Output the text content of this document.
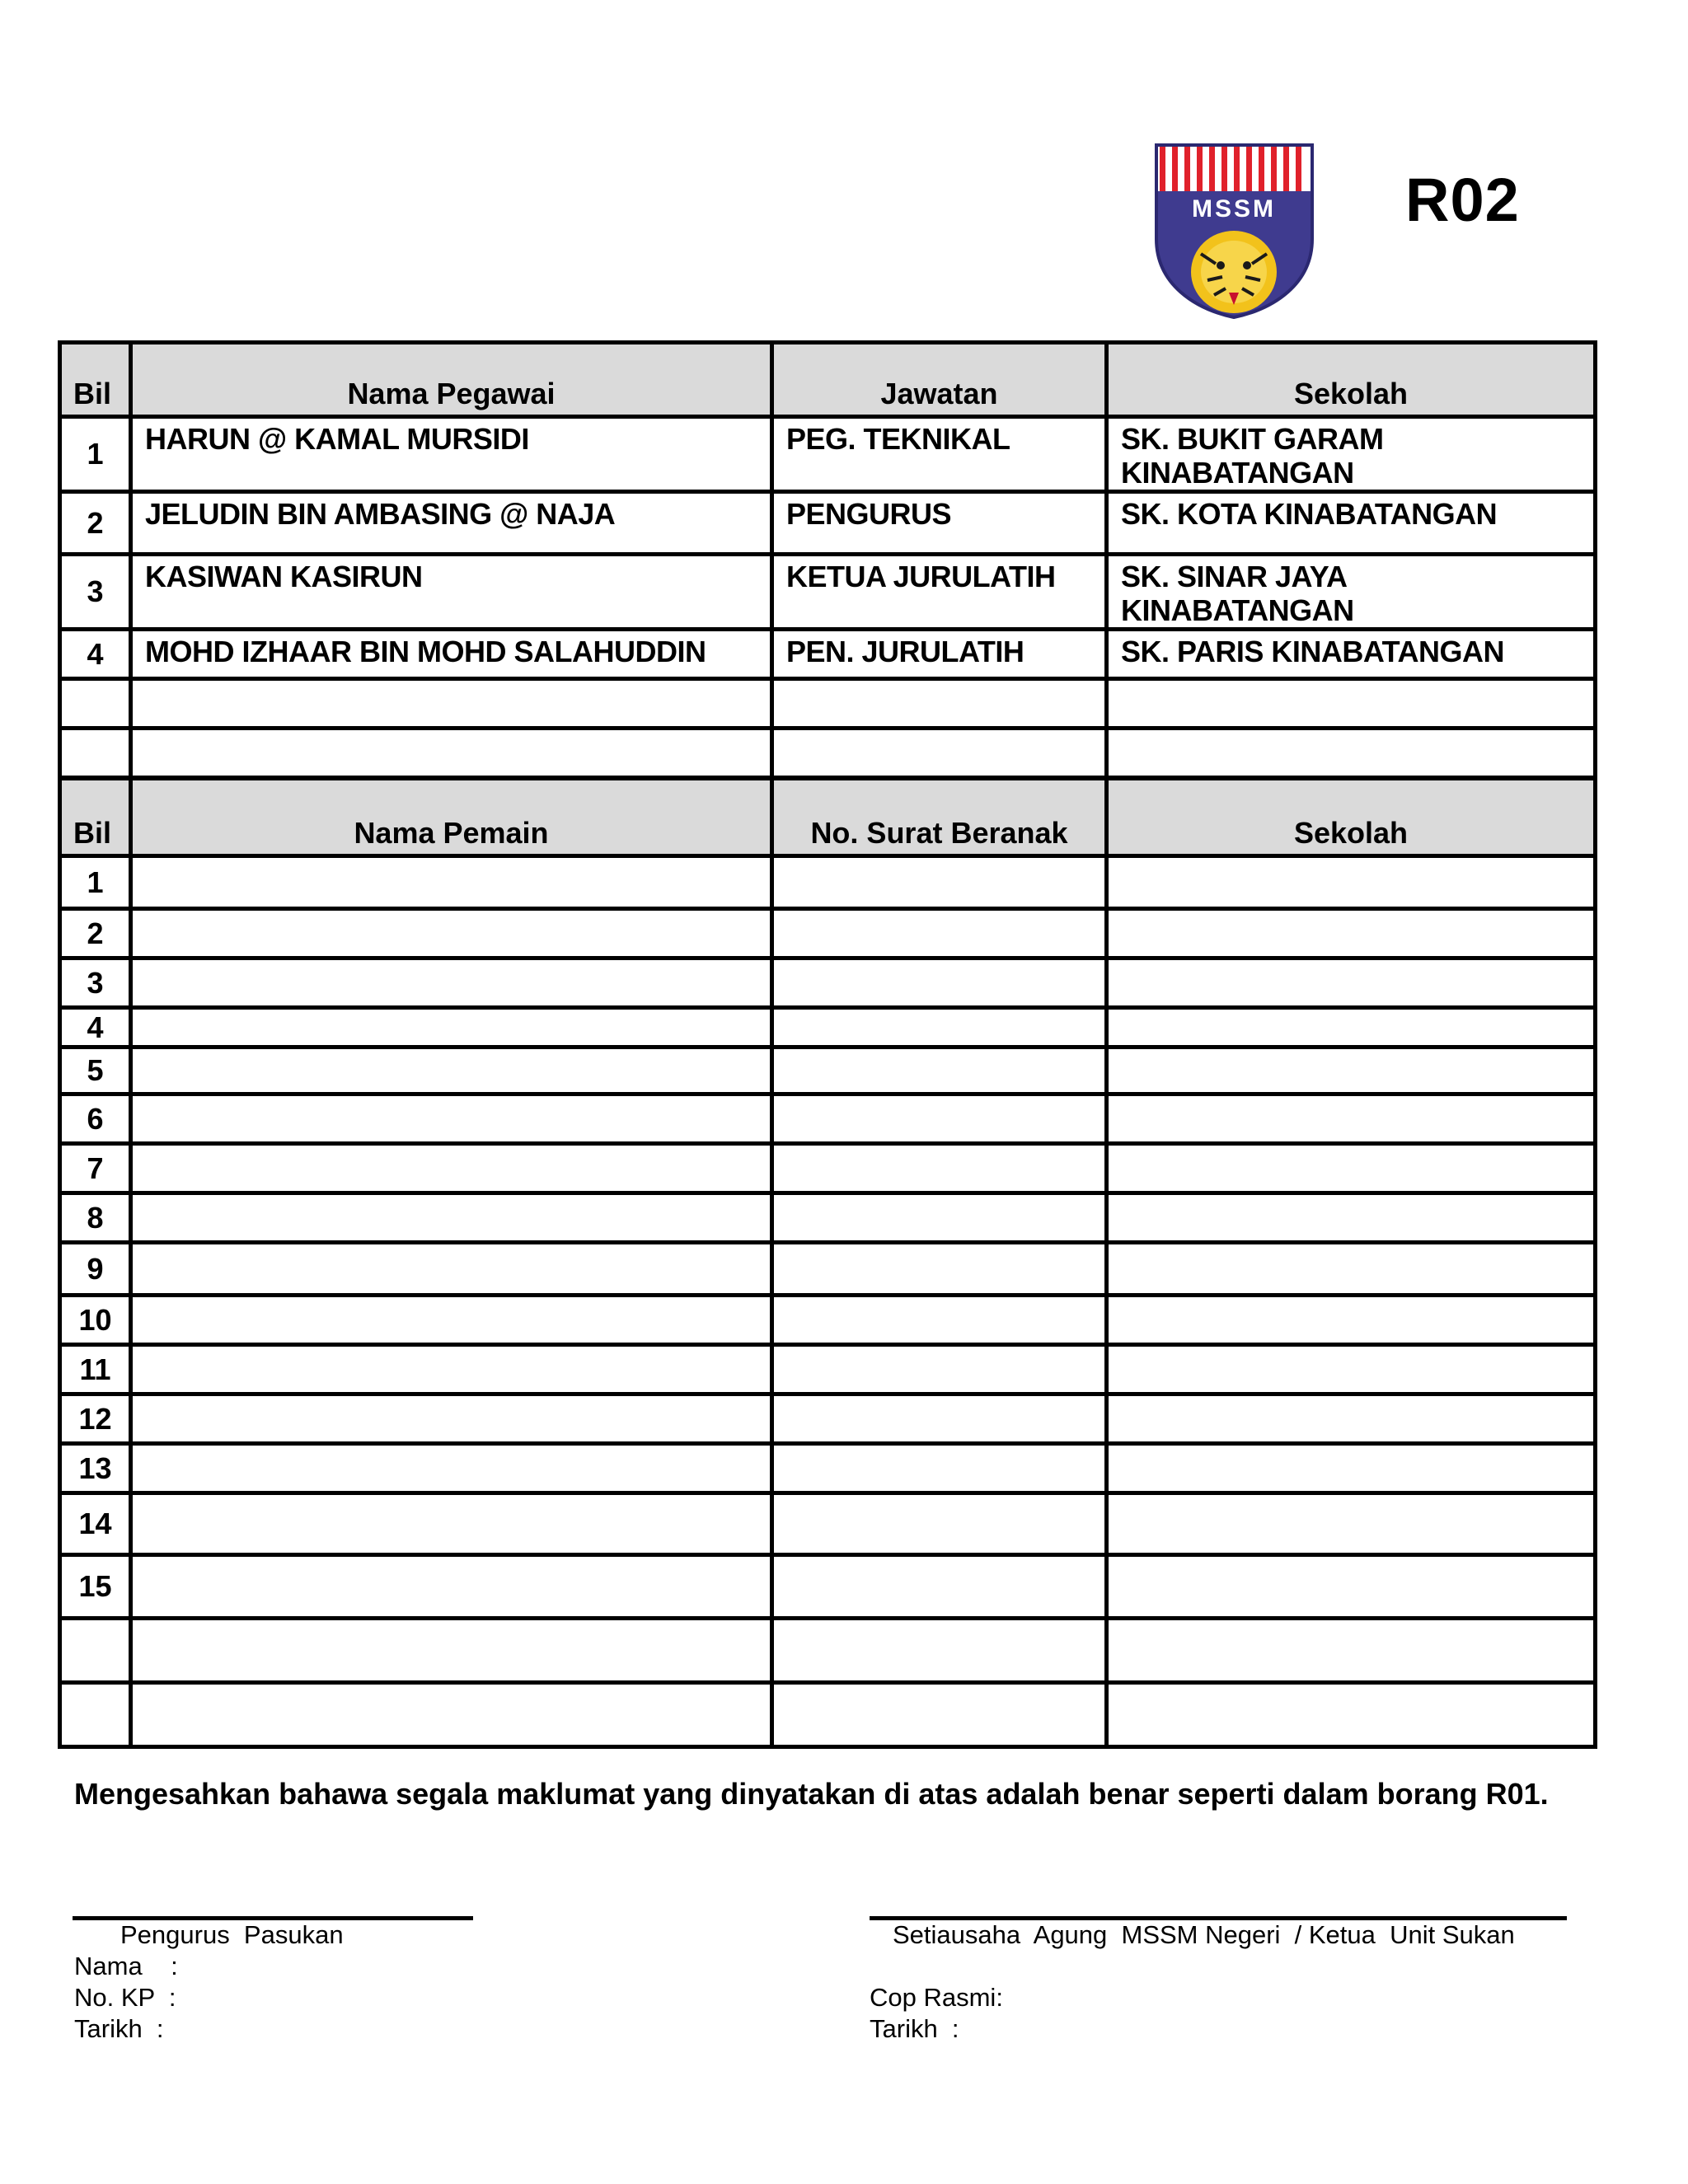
R02
MSSM
Bil	Nama Pegawai	Jawatan	Sekolah
1	HARUN @ KAMAL MURSIDI	PEG. TEKNIKAL	SK. BUKIT GARAM
KINABATANGAN

2	JELUDIN BIN AMBASING @ NAJA	PENGURUS	SK. KOTA KINABATANGAN

3	KASIWAN KASIRUN	KETUA JURULATIH	SK. SINAR JAYA
KINABATANGAN

4	MOHD IZHAAR BIN MOHD SALAHUDDIN	PEN. JURULATIH	SK. PARIS KINABATANGAN

Bil	Nama Pemain	No. Surat Beranak	Sekolah
1			
2			
3			
4			
5			
6			
7			
8			
9			
10			
11			
12			
13			
14			
15			

Mengesahkan bahawa segala maklumat yang dinyatakan di atas adalah benar seperti dalam borang R01.
Pengurus  Pasukan
Nama    :
No. KP  :
Tarikh  :
Setiausaha  Agung  MSSM Negeri  / Ketua  Unit Sukan
Cop Rasmi:
Tarikh  :
